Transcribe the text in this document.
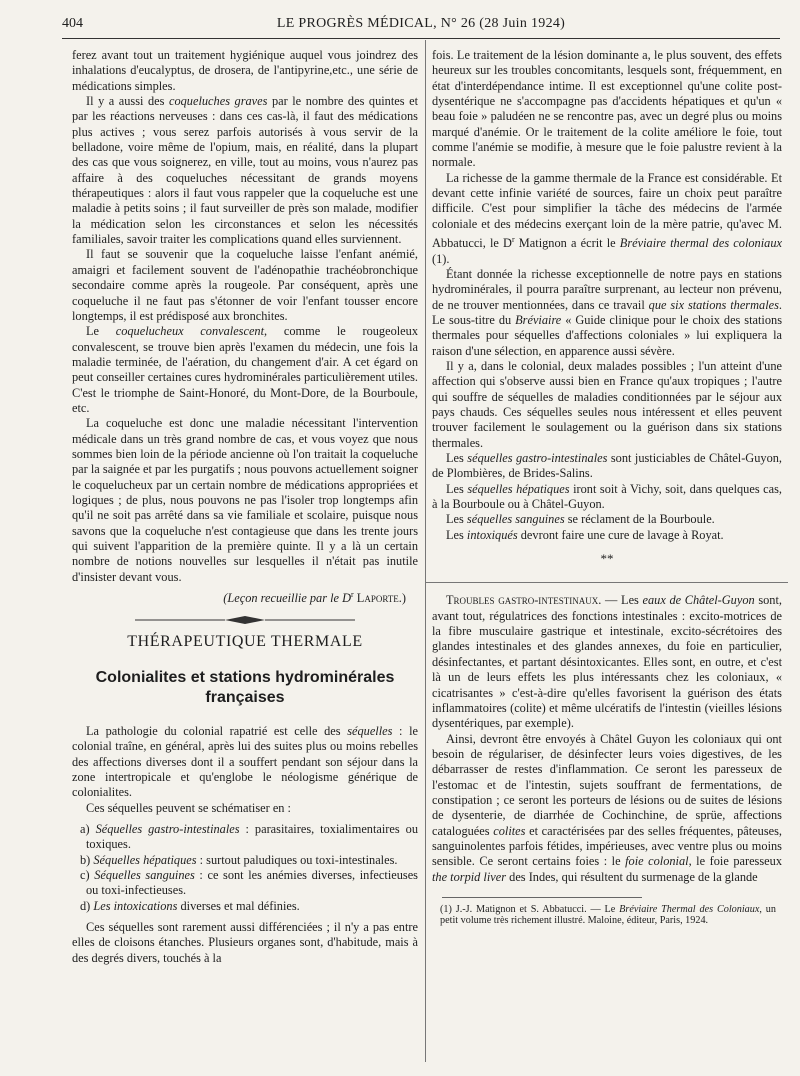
404	LE PROGRÈS MÉDICAL, N° 26 (28 Juin 1924)

ferez avant tout un traitement hygiénique auquel vous joindrez des inhalations d'eucalyptus, de drosera, de l'antipyrine,etc., une série de médications simples.

Il y a aussi des coqueluches graves par le nombre des quintes et par les réactions nerveuses : dans ces cas-là, il faut des médications plus actives ; vous serez parfois autorisés à vous servir de la belladone, voire même de l'opium, mais, en réalité, dans la plupart des cas que vous soignerez, en ville, tout au moins, vous n'aurez pas affaire à des coqueluches nécessitant de grands moyens thérapeutiques : alors il faut vous rappeler que la coqueluche est une maladie à petits soins ; il faut surveiller de près son malade, modifier la médication selon les circonstances et selon les nécessités familiales, savoir traiter les complications quand elles surviennent.

Il faut se souvenir que la coqueluche laisse l'enfant anémié, amaigri et facilement souvent de l'adénopathie trachéobronchique secondaire comme après la rougeole. Par conséquent, après une coqueluche il ne faut pas s'étonner de voir l'enfant tousser encore longtemps, il est prédisposé aux bronchites.

Le coquelucheux convalescent, comme le rougeoleux convalescent, se trouve bien après l'examen du médecin, une fois la maladie terminée, de l'aération, du changement d'air. A cet égard on peut conseiller certaines cures hydrominérales particulièrement utiles. C'est le triomphe de Saint-Honoré, du Mont-Dore, de la Bourboule, etc.

La coqueluche est donc une maladie nécessitant l'intervention médicale dans un très grand nombre de cas, et vous voyez que nous sommes bien loin de la période ancienne où l'on traitait la coqueluche par la saignée et par les purgatifs ; nous pouvons actuellement soigner le coquelucheux par un certain nombre de médications appropriées et logiques ; de plus, nous pouvons ne pas l'isoler trop longtemps afin qu'il ne soit pas arrêté dans sa vie familiale et scolaire, puisque nous savons que la coqueluche n'est contagieuse que dans les trente jours qui suivent l'apparition de la première quinte. Il y a là un certain nombre de notions nouvelles sur lesquelles il n'était pas inutile d'insister devant vous.

(Leçon recueillie par le $D^r$ Laporte.)

THÉRAPEUTIQUE THERMALE
Colonialites et stations hydrominérales
françaises

La pathologie du colonial rapatrié est celle des séquelles : le colonial traîne, en général, après lui des suites plus ou moins rebelles des affections diverses dont il a souffert pendant son séjour dans la zone intertropicale et qu'englobe le néologisme générique de colonialites.

Ces séquelles peuvent se schématiser en :

a) Séquelles gastro-intestinales : parasitaires, toxialimentaires ou toxiques.

b) Séquelles hépatiques : surtout paludiques ou toxi-intestinales.

c) Séquelles sanguines : ce sont les anémies diverses, infectieuses ou toxi-infectieuses.

d) Les intoxications diverses et mal définies.

Ces séquelles sont rarement aussi différenciées ; il n'y a pas entre elles de cloisons étanches. Plusieurs organes sont, d'habitude, mais à des degrés divers, touchés à la

fois. Le traitement de la lésion dominante a, le plus souvent, des effets heureux sur les troubles concomitants, lesquels sont, fréquemment, en état d'interdépendance intime. Il est exceptionnel qu'une colite post-dysentérique ne s'accompagne pas d'accidents hépatiques et qu'un « beau foie » paludéen ne se rencontre pas, avec un degré plus ou moins marqué d'anémie. Or le traitement de la colite améliore le foie, tout comme l'anémie se modifie, à mesure que le foie palustre revient à la normale.

La richesse de la gamme thermale de la France est considérable. Et devant cette infinie variété de sources, faire un choix peut paraître difficile. C'est pour simplifier la tâche des médecins de l'armée coloniale et des médecins exerçant loin de la mère patrie, qu'avec M. Abbatucci, le $D^r$ Matignon a écrit le Bréviaire thermal des coloniaux (1).

Étant donnée la richesse exceptionnelle de notre pays en stations hydrominérales, il pourra paraître surprenant, au lecteur non prévenu, de ne trouver mentionnées, dans ce travail que six stations thermales. Le sous-titre du Bréviaire « Guide clinique pour le choix des stations thermales pour séquelles d'affections coloniales » lui expliquera la raison d'une sélection, en apparence aussi sévère.

Il y a, dans le colonial, deux malades possibles ; l'un atteint d'une affection qui s'observe aussi bien en France qu'aux tropiques ; l'autre qui souffre de séquelles de maladies conditionnées par le séjour aux pays chauds. Ces séquelles seules nous intéressent et elles peuvent trouver facilement le soulagement ou la guérison dans six stations thermales.

Les séquelles gastro-intestinales sont justiciables de Châtel-Guyon, de Plombières, de Brides-Salins.

Les séquelles hépatiques iront soit à Vichy, soit, dans quelques cas, à la Bourboule ou à Châtel-Guyon.

Les séquelles sanguines se réclament de la Bourboule.

Les intoxiqués devront faire une cure de lavage à Royat.

**

Troubles gastro-intestinaux. — Les eaux de Châtel-Guyon sont, avant tout, régulatrices des fonctions intestinales : excito-motrices de la fibre musculaire gastrique et intestinale, excito-sécrétoires des glandes intestinales et des glandes annexes, du foie en particulier, désinfectantes, et partant désintoxicantes. Elles sont, en outre, et c'est là un de leurs effets les plus intéressants chez les coloniaux, « cicatrisantes » c'est-à-dire qu'elles favorisent la guérison des états inflammatoires (colite) et même ulcératifs de l'intestin (vieilles lésions dysentériques, par exemple).

Ainsi, devront être envoyés à Châtel Guyon les coloniaux qui ont besoin de régulariser, de désinfecter leurs voies digestives, de les débarrasser de restes d'inflammation. Ce seront les paresseux de l'estomac et de l'intestin, sujets souffrant de fermentations, de constipation ; ce seront les porteurs de lésions ou de suites de lésions de dysenterie, de diarrhée de Cochinchine, de sprüe, affections cataloguées colites et caractérisées par des selles fréquentes, pâteuses, sanguinolentes parfois fétides, impérieuses, avec ventre plus ou moins sensible. Ce seront certains foies : le foie colonial, le foie paresseux the torpid liver des Indes, qui résultent du surmenage de la glande

(1) J.-J. Matignon et S. Abbatucci. — Le Bréviaire Thermal des Coloniaux, un petit volume très richement illustré. Maloine, éditeur, Paris, 1924.
